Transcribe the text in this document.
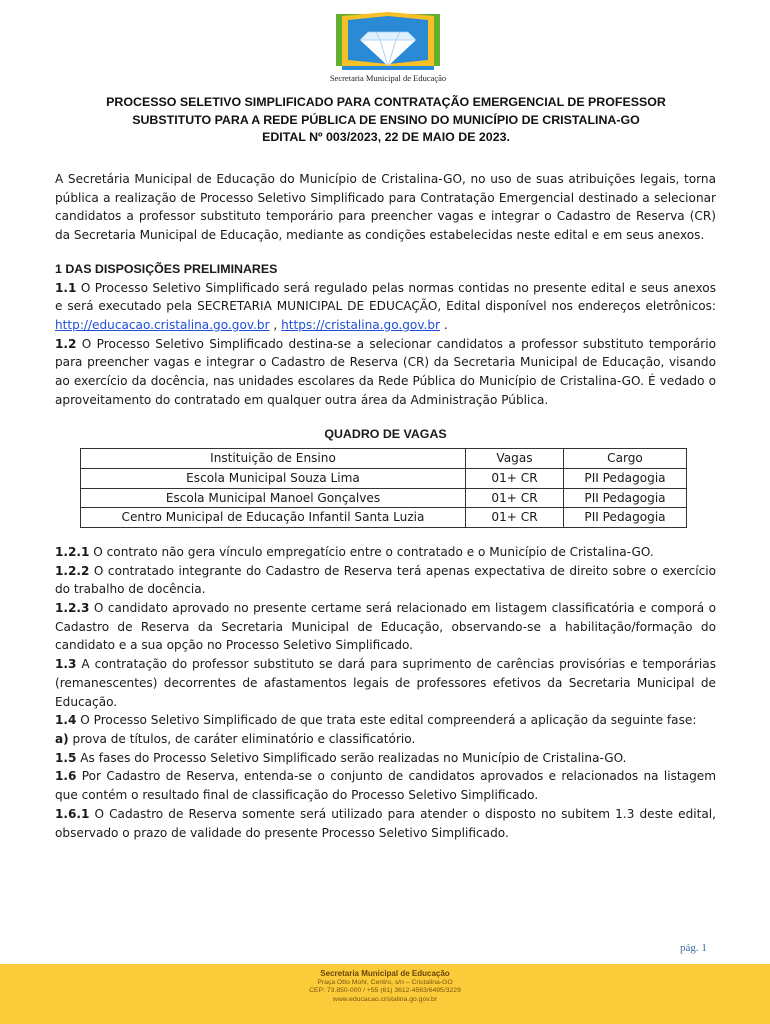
Secretaria Municipal de Educação
PROCESSO SELETIVO SIMPLIFICADO PARA CONTRATAÇÃO EMERGENCIAL DE PROFESSOR
SUBSTITUTO PARA A REDE PÚBLICA DE ENSINO DO MUNICÍPIO DE CRISTALINA-GO
EDITAL Nº 003/2023, 22 DE MAIO DE 2023.

A Secretária Municipal de Educação do Município de Cristalina-GO, no uso de suas atribuições legais, torna pública a realização de Processo Seletivo Simplificado para Contratação Emergencial destinado a selecionar candidatos a professor substituto temporário para preencher vagas e integrar o Cadastro de Reserva (CR) da Secretaria Municipal de Educação, mediante as condições estabelecidas neste edital e em seus anexos.

1 DAS DISPOSIÇÕES PRELIMINARES

1.1 O Processo Seletivo Simplificado será regulado pelas normas contidas no presente edital e seus anexos e será executado pela SECRETARIA MUNICIPAL DE EDUCAÇÃO, Edital disponível nos endereços eletrônicos: http://educacao.cristalina.go.gov.br , https://cristalina.go.gov.br .

1.2 O Processo Seletivo Simplificado destina-se a selecionar candidatos a professor substituto temporário para preencher vagas e integrar o Cadastro de Reserva (CR) da Secretaria Municipal de Educação, visando ao exercício da docência, nas unidades escolares da Rede Pública do Município de Cristalina-GO. É vedado o aproveitamento do contratado em qualquer outra área da Administração Pública.

QUADRO DE VAGAS
Instituição de Ensino	Vagas	Cargo
Escola Municipal Souza Lima	01+ CR	PII Pedagogia
Escola Municipal Manoel Gonçalves	01+ CR	PII Pedagogia
Centro Municipal de Educação Infantil Santa Luzia	01+ CR	PII Pedagogia

1.2.1 O contrato não gera vínculo empregatício entre o contratado e o Município de Cristalina-GO.

1.2.2 O contratado integrante do Cadastro de Reserva terá apenas expectativa de direito sobre o exercício do trabalho de docência.

1.2.3 O candidato aprovado no presente certame será relacionado em listagem classificatória e comporá o Cadastro de Reserva da Secretaria Municipal de Educação, observando-se a habilitação/formação do candidato e a sua opção no Processo Seletivo Simplificado.

1.3 A contratação do professor substituto se dará para suprimento de carências provisórias e temporárias (remanescentes) decorrentes de afastamentos legais de professores efetivos da Secretaria Municipal de Educação.

1.4 O Processo Seletivo Simplificado de que trata este edital compreenderá a aplicação da seguinte fase:

a) prova de títulos, de caráter eliminatório e classificatório.

1.5 As fases do Processo Seletivo Simplificado serão realizadas no Município de Cristalina-GO.

1.6 Por Cadastro de Reserva, entenda-se o conjunto de candidatos aprovados e relacionados na listagem que contém o resultado final de classificação do Processo Seletivo Simplificado.

1.6.1 O Cadastro de Reserva somente será utilizado para atender o disposto no subitem 1.3 deste edital, observado o prazo de validade do presente Processo Seletivo Simplificado.

pág. 1
Secretaria Municipal de Educação
Praça Otto Mohr, Centro, s/n – Cristalina-GO
CEP: 73.850-000 / +55 (61) 3612-4563/6495/3229
www.educacao.cristalina.go.gov.br
